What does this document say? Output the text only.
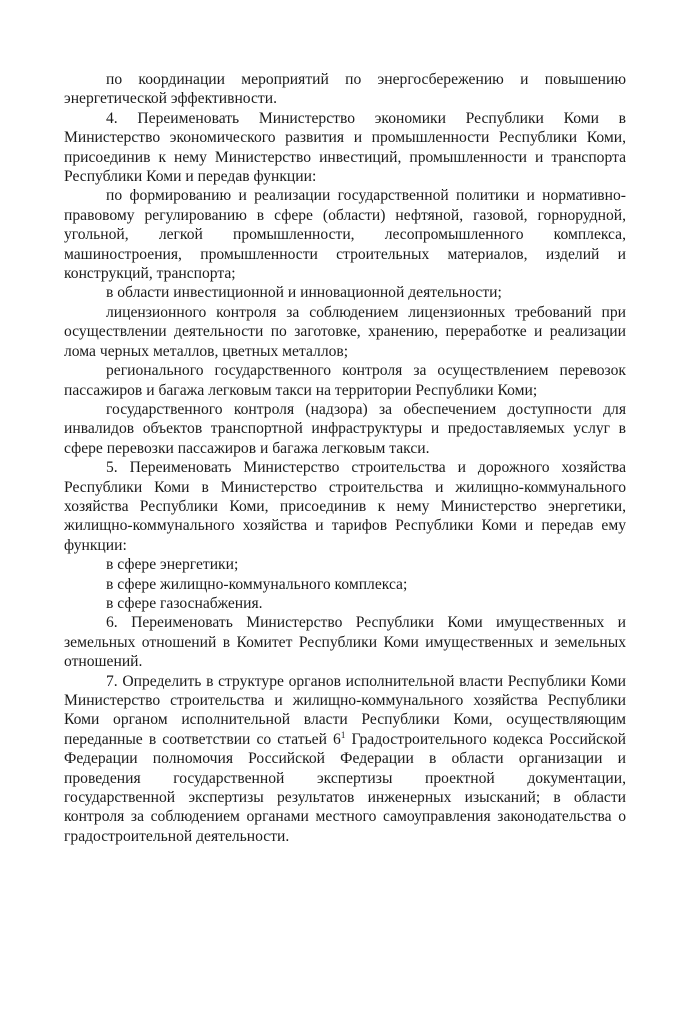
по координации мероприятий по энергосбережению и повышению энергетической эффективности.

4. Переименовать Министерство экономики Республики Коми в Министерство экономического развития и промышленности Республики Коми, присоединив к нему Министерство инвестиций, промышленности и транспорта Республики Коми и передав функции:

по формированию и реализации государственной политики и нормативно-правовому регулированию в сфере (области) нефтяной, газовой, горнорудной, угольной, легкой промышленности, лесопромышленного комплекса, машиностроения, промышленности строительных материалов, изделий и конструкций, транспорта;

в области инвестиционной и инновационной деятельности;

лицензионного контроля за соблюдением лицензионных требований при осуществлении деятельности по заготовке, хранению, переработке и реализации лома черных металлов, цветных металлов;

регионального государственного контроля за осуществлением перевозок пассажиров и багажа легковым такси на территории Республики Коми;

государственного контроля (надзора) за обеспечением доступности для инвалидов объектов транспортной инфраструктуры и предоставляемых услуг в сфере перевозки пассажиров и багажа легковым такси.

5. Переименовать Министерство строительства и дорожного хозяйства Республики Коми в Министерство строительства и жилищно-коммунального хозяйства Республики Коми, присоединив к нему Министерство энергетики, жилищно-коммунального хозяйства и тарифов Республики Коми и передав ему функции:

в сфере энергетики;

в сфере жилищно-коммунального комплекса;

в сфере газоснабжения.

6. Переименовать Министерство Республики Коми имущественных и земельных отношений в Комитет Республики Коми имущественных и земельных отношений.

7. Определить в структуре органов исполнительной власти Республики Коми Министерство строительства и жилищно-коммунального хозяйства Республики Коми органом исполнительной власти Республики Коми, осуществляющим переданные в соответствии со статьей $6^1$ Градостроительного кодекса Российской Федерации полномочия Российской Федерации в области организации и проведения государственной экспертизы проектной документации, государственной экспертизы результатов инженерных изысканий; в области контроля за соблюдением органами местного самоуправления законодательства о градостроительной деятельности.
